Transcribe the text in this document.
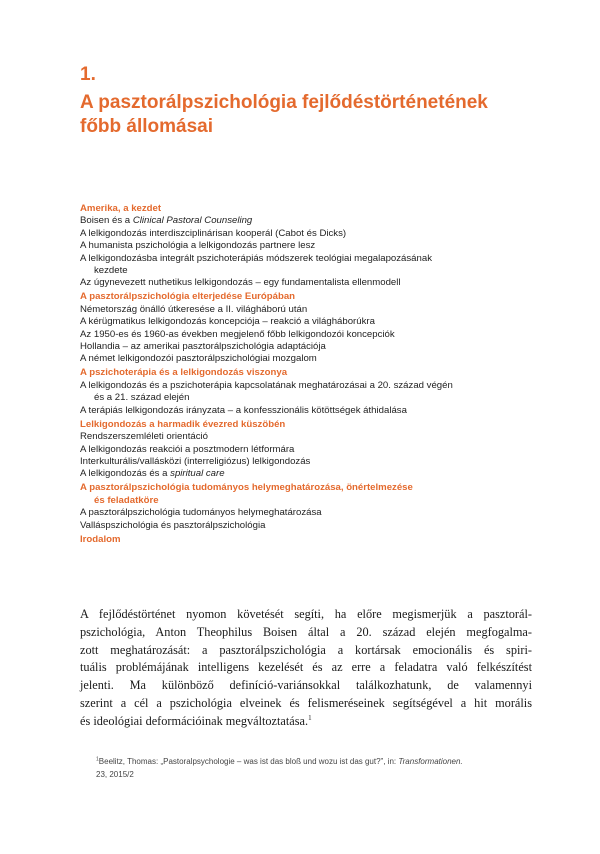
1.
A pasztorálpszichológia fejlődéstörténetének
főbb állomásai
Amerika, a kezdet
Boisen és a Clinical Pastoral Counseling
A lelkigondozás interdiszciplinárisan kooperál (Cabot és Dicks)
A humanista pszichológia a lelkigondozás partnere lesz
A lelkigondozásba integrált pszichoterápiás módszerek teológiai megalapozásának
kezdete
Az úgynevezett nuthetikus lelkigondozás – egy fundamentalista ellenmodell
A pasztorálpszichológia elterjedése Európában
Németország önálló útkeresése a II. világháború után
A kérügmatikus lelkigondozás koncepciója – reakció a világháborúkra
Az 1950-es és 1960-as években megjelenő főbb lelkigondozói koncepciók
Hollandia – az amerikai pasztorálpszichológia adaptációja
A német lelkigondozói pasztorálpszichológiai mozgalom
A pszichoterápia és a lelkigondozás viszonya
A lelkigondozás és a pszichoterápia kapcsolatának meghatározásai a 20. század végén
és a 21. század elején
A terápiás lelkigondozás irányzata – a konfesszionális kötöttségek áthidalása
Lelkigondozás a harmadik évezred küszöbén
Rendszerszemléleti orientáció
A lelkigondozás reakciói a posztmodern létformára
Interkulturális/vallásközi (interreligiózus) lelkigondozás
A lelkigondozás és a spiritual care
A pasztorálpszichológia tudományos helymeghatározása, önértelmezése
és feladatköre
A pasztorálpszichológia tudományos helymeghatározása
Valláspszichológia és pasztorálpszichológia
Irodalom
A fejlődéstörténet nyomon követését segíti, ha előre megismerjük a pasztorál-
pszichológia, Anton Theophilus Boisen által a 20. század elején megfogalma-
zott meghatározását: a pasztorálpszichológia a kortársak emocionális és spiri-
tuális problémájának intelligens kezelését és az erre a feladatra való felkészítést
jelenti. Ma különböző definíció-variánsokkal találkozhatunk, de valamennyi
szerint a cél a pszichológia elveinek és felismeréseinek segítségével a hit morális
és ideológiai deformációinak megváltoztatása.$^1$
$^1$Beelitz, Thomas: „Pastoralpsychologie – was ist das bloß und wozu ist das gut?”, in: Transformationen.
23, 2015/2
